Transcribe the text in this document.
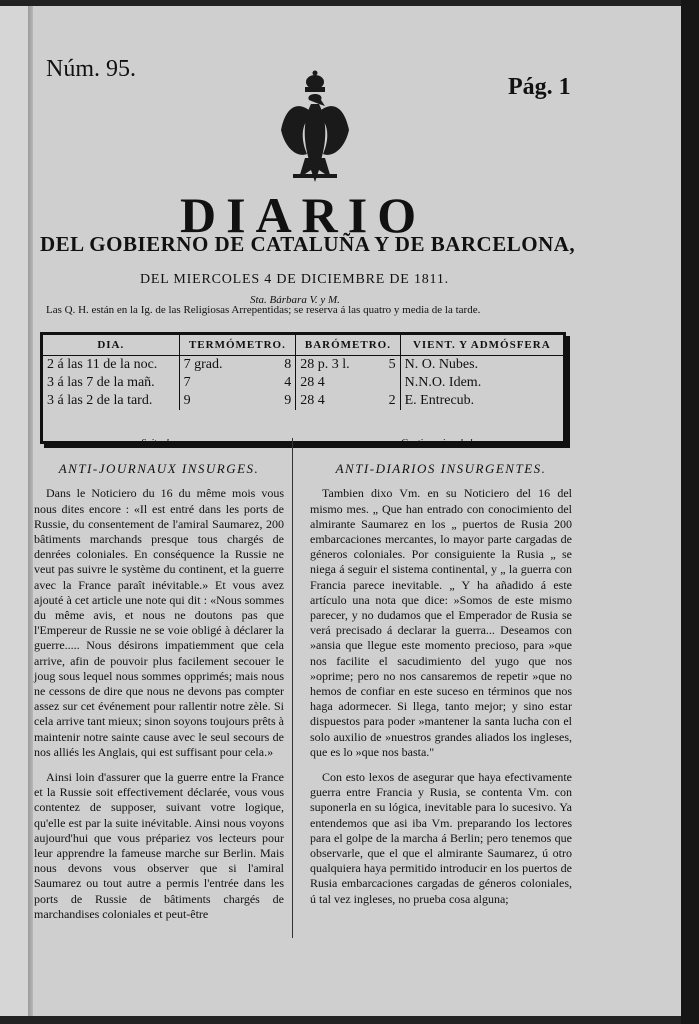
Núm. 95.
Pág. 1
DIARIO
DEL GOBIERNO DE CATALUÑA Y DE BARCELONA,
DEL MIERCOLES 4 DE DICIEMBRE DE 1811.
Sta. Bárbara V. y M.
Las Q. H. están en la Ig. de las Religiosas Arrepentidas; se reserva á las quatro y media de la tarde.
DIA.	TERMÓMETRO.	BARÓMETRO.	VIENT. Y ADMÓSFERA
2 á las 11 de la noc.	7 grad. 8	28 p. 3 l. 5	N. O. Nubes.
3 á las 7 de la mañ.	7 4	28 4	N.N.O. Idem.
3 á las 2 de la tard.	9 9	28 4 2	E. Entrecub.
Suite des
ANTI-JOURNAUX INSURGES.

Dans le Noticiero du 16 du même mois vous nous dites encore : «Il est entré dans les ports de Russie, du consentement de l'amiral Saumarez, 200 bâtiments marchands presque tous chargés de denrées coloniales. En conséquence la Russie ne veut pas suivre le système du continent, et la guerre avec la France paraît inévitable.» Et vous avez ajouté à cet article une note qui dit : «Nous sommes du même avis, et nous ne doutons pas que l'Empereur de Russie ne se voie obligé à déclarer la guerre..... Nous désirons impatiemment que cela arrive, afin de pouvoir plus facilement secouer le joug sous lequel nous sommes opprimés; mais nous ne cessons de dire que nous ne devons pas compter assez sur cet événement pour rallentir notre zèle. Si cela arrive tant mieux; sinon soyons toujours prêts à maintenir notre sainte cause avec le seul secours de nos alliés les Anglais, qui est suffisant pour cela.»

Ainsi loin d'assurer que la guerre entre la France et la Russie soit effectivement déclarée, vous vous contentez de supposer, suivant votre logique, qu'elle est par la suite inévitable. Ainsi nous voyons aujourd'hui que vous prépariez vos lecteurs pour leur apprendre la fameuse marche sur Berlin. Mais nous devons vous observer que si l'amiral Saumarez ou tout autre a permis l'entrée dans les ports de Russie de bâtiments chargés de marchandises coloniales et peut-être

Continuacion de los
ANTI-DIARIOS INSURGENTES.

Tambien dixo Vm. en su Noticiero del 16 del mismo mes. „ Que han entrado con conocimiento del almirante Saumarez en los „ puertos de Rusia 200 embarcaciones mercantes, lo mayor parte cargadas de géneros coloniales. Por consiguiente la Rusia „ se niega á seguir el sistema continental, y „ la guerra con Francia parece inevitable. „ Y ha añadido á este artículo una nota que dice: »Somos de este mismo parecer, y no dudamos que el Emperador de Rusia se verá precisado á declarar la guerra... Deseamos con »ansia que llegue este momento precioso, para »que nos facilite el sacudimiento del yugo que nos »oprime; pero no nos cansaremos de repetir »que no hemos de confiar en este suceso en términos que nos haga adormecer. Si llega, tanto mejor; y sino estar dispuestos para poder »mantener la santa lucha con el solo auxilio de »nuestros grandes aliados los ingleses, que es lo »que nos basta."

Con esto lexos de asegurar que haya efectivamente guerra entre Francia y Rusia, se contenta Vm. con suponerla en su lógica, inevitable para lo sucesivo. Ya entendemos que asi iba Vm. preparando los lectores para el golpe de la marcha á Berlin; pero tenemos que observarle, que el que el almirante Saumarez, ú otro qualquiera haya permitido introducir en los puertos de Rusia embarcaciones cargadas de géneros coloniales, ú tal vez ingleses, no prueba cosa alguna;
